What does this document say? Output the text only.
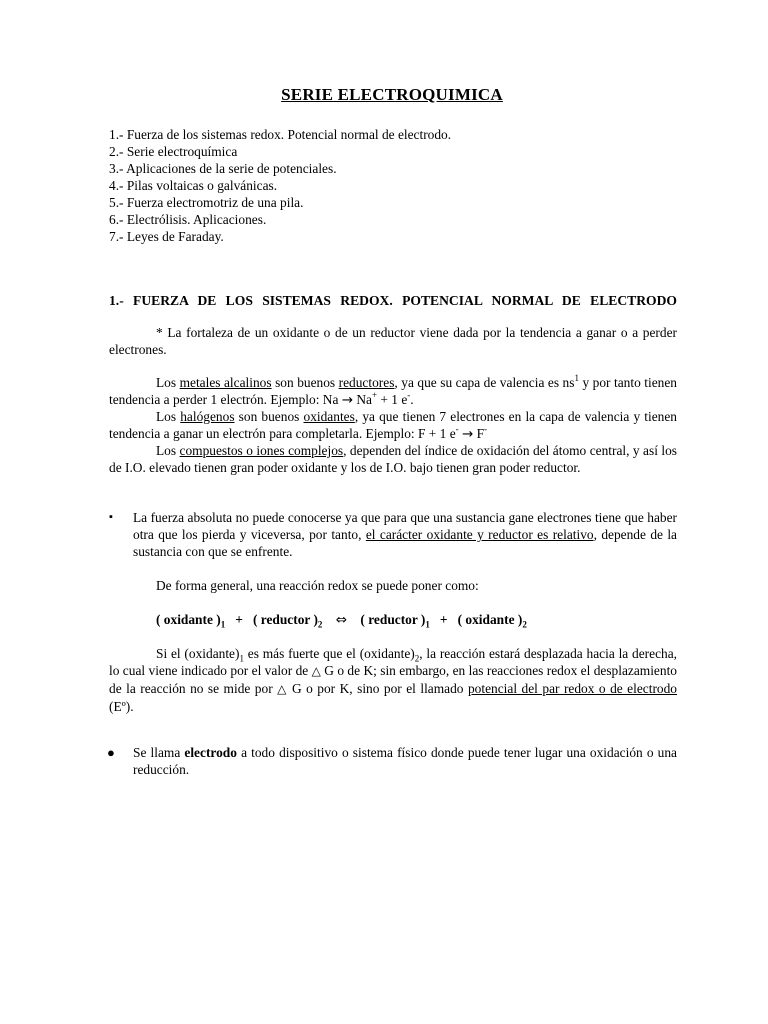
SERIE ELECTROQUIMICA
1.- Fuerza de los sistemas redox. Potencial normal de electrodo.
2.- Serie electroquímica
3.- Aplicaciones de la serie de potenciales.
4.- Pilas voltaicas o galvánicas.
5.- Fuerza electromotriz de una pila.
6.- Electrólisis. Aplicaciones.
7.- Leyes de Faraday.
1.- FUERZA DE LOS SISTEMAS REDOX. POTENCIAL NORMAL DE ELECTRODO
* La fortaleza de un oxidante o de un reductor viene dada por la tendencia a ganar o a perder electrones.
Los metales alcalinos son buenos reductores, ya que su capa de valencia es $ns^1$ y por tanto tienen tendencia a perder 1 electrón. Ejemplo: Na → Na+ + 1 e-.
Los halógenos son buenos oxidantes, ya que tienen 7 electrones en la capa de valencia y tienen tendencia a ganar un electrón para completarla. Ejemplo: F + 1 e- → F-
Los compuestos o iones complejos, dependen del índice de oxidación del átomo central, y así los de I.O. elevado tienen gran poder oxidante y los de I.O. bajo tienen gran poder reductor.
▪ La fuerza absoluta no puede conocerse ya que para que una sustancia gane electrones tiene que haber otra que los pierda y viceversa, por tanto, el carácter oxidante y reductor es relativo, depende de la sustancia con que se enfrente.
De forma general, una reacción redox se puede poner como:
( oxidante )$_1$ + ( reductor )$_2$ ⇔ ( reductor )$_1$ + ( oxidante )$_2$
Si el $(oxidante)_1$ es más fuerte que el $(oxidante)_2$, la reacción estará desplazada hacia la derecha, lo cual viene indicado por el valor de △ G o de K; sin embargo, en las reacciones redox el desplazamiento de la reacción no se mide por △ G o por K, sino por el llamado potencial del par redox o de electrodo (Eº).
● Se llama electrodo a todo dispositivo o sistema físico donde puede tener lugar una oxidación o una reducción.
